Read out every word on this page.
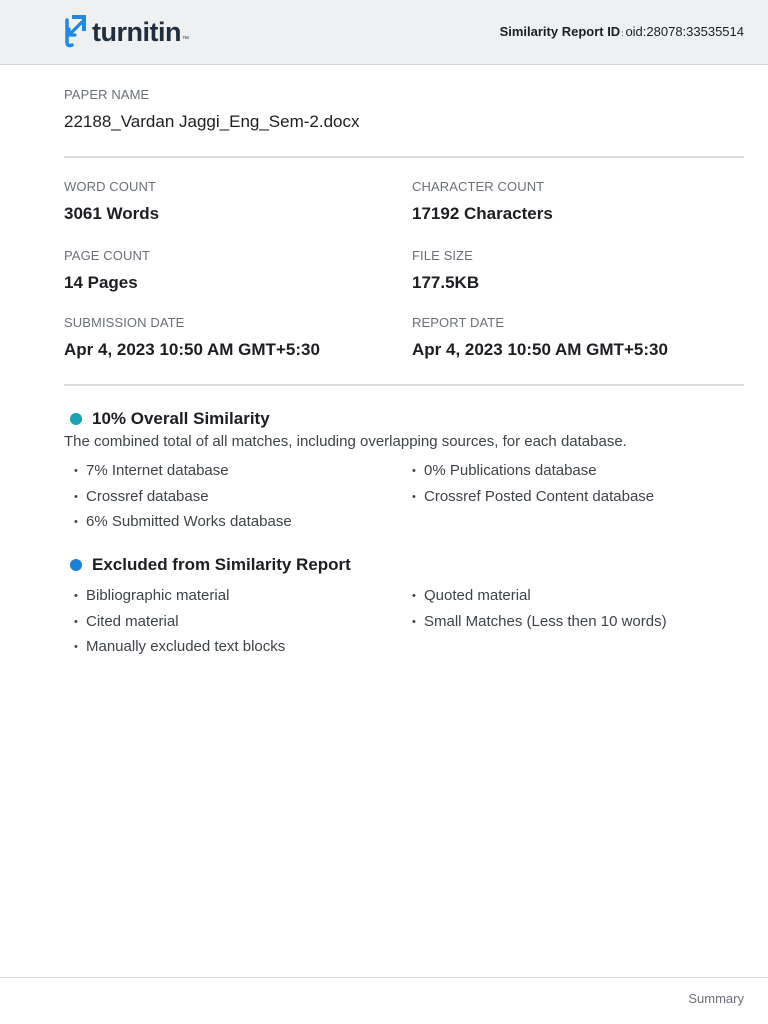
turnitin ™	Similarity Report ID: oid:28078:33535514
PAPER NAME
22188_Vardan Jaggi_Eng_Sem-2.docx
WORD COUNT
3061 Words
CHARACTER COUNT
17192 Characters
PAGE COUNT
14 Pages
FILE SIZE
177.5KB
SUBMISSION DATE
Apr 4, 2023 10:50 AM GMT+5:30
REPORT DATE
Apr 4, 2023 10:50 AM GMT+5:30
10% Overall Similarity
The combined total of all matches, including overlapping sources, for each database.
• 7% Internet database
• Crossref database
• 6% Submitted Works database
• 0% Publications database
• Crossref Posted Content database
Excluded from Similarity Report
• Bibliographic material
• Cited material
• Manually excluded text blocks
• Quoted material
• Small Matches (Less then 10 words)
Summary
